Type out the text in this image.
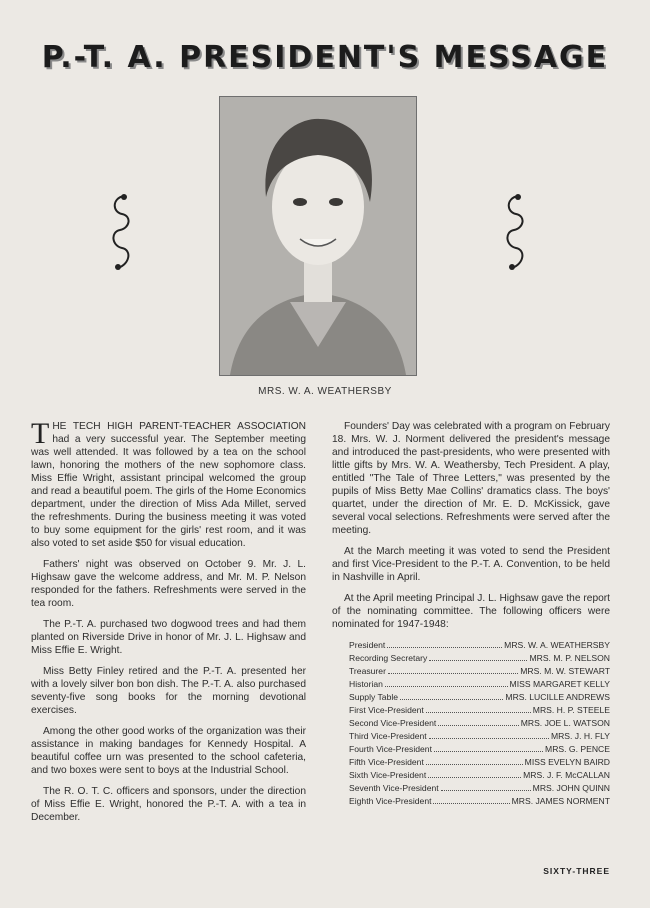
P.-T. A. PRESIDENT'S MESSAGE
MRS. W. A. WEATHERSBY

THE TECH HIGH PARENT-TEACHER ASSOCIATION had a very successful year. The September meeting was well attended. It was followed by a tea on the school lawn, honoring the mothers of the new sophomore class. Miss Effie Wright, assistant principal welcomed the group and read a beautiful poem. The girls of the Home Economics department, under the direction of Miss Ada Millet, served the refreshments. During the business meeting it was voted to buy some equipment for the girls' rest room, and it was also voted to set aside $50 for visual education.

Fathers' night was observed on October 9. Mr. J. L. Highsaw gave the welcome address, and Mr. M. P. Nelson responded for the fathers. Refreshments were served in the tea room.

The P.-T. A. purchased two dogwood trees and had them planted on Riverside Drive in honor of Mr. J. L. Highsaw and Miss Effie E. Wright.

Miss Betty Finley retired and the P.-T. A. presented her with a lovely silver bon bon dish. The P.-T. A. also purchased seventy-five song books for the morning devotional exercises.

Among the other good works of the organization was their assistance in making bandages for Kennedy Hospital. A beautiful coffee urn was presented to the school cafeteria, and two boxes were sent to boys at the Industrial School.

The R. O. T. C. officers and sponsors, under the direction of Miss Effie E. Wright, honored the P.-T. A. with a tea in December.

Founders' Day was celebrated with a program on February 18. Mrs. W. J. Norment delivered the president's message and introduced the past-presidents, who were presented with little gifts by Mrs. W. A. Weathersby, Tech President. A play, entitled "The Tale of Three Letters," was presented by the pupils of Miss Betty Mae Collins' dramatics class. The boys' quartet, under the direction of Mr. E. D. McKissick, gave several vocal selections. Refreshments were served after the meeting.

At the March meeting it was voted to send the President and first Vice-President to the P.-T. A. Convention, to be held in Nashville in April.

At the April meeting Principal J. L. Highsaw gave the report of the nominating committee. The following officers were nominated for 1947-1948:

President	MRS. W. A. WEATHERSBY
Recording Secretary	MRS. M. P. NELSON
Treasurer	MRS. M. W. STEWART
Historian	MISS MARGARET KELLY
Supply Table	MRS. LUCILLE ANDREWS
First Vice-President	MRS. H. P. STEELE
Second Vice-President	MRS. JOE L. WATSON
Third Vice-President	MRS. J. H. FLY
Fourth Vice-President	MRS. G. PENCE
Fifth Vice-President	MISS EVELYN BAIRD
Sixth Vice-President	MRS. J. F. McCALLAN
Seventh Vice-President	MRS. JOHN QUINN
Eighth Vice-President	MRS. JAMES NORMENT
SIXTY-THREE
